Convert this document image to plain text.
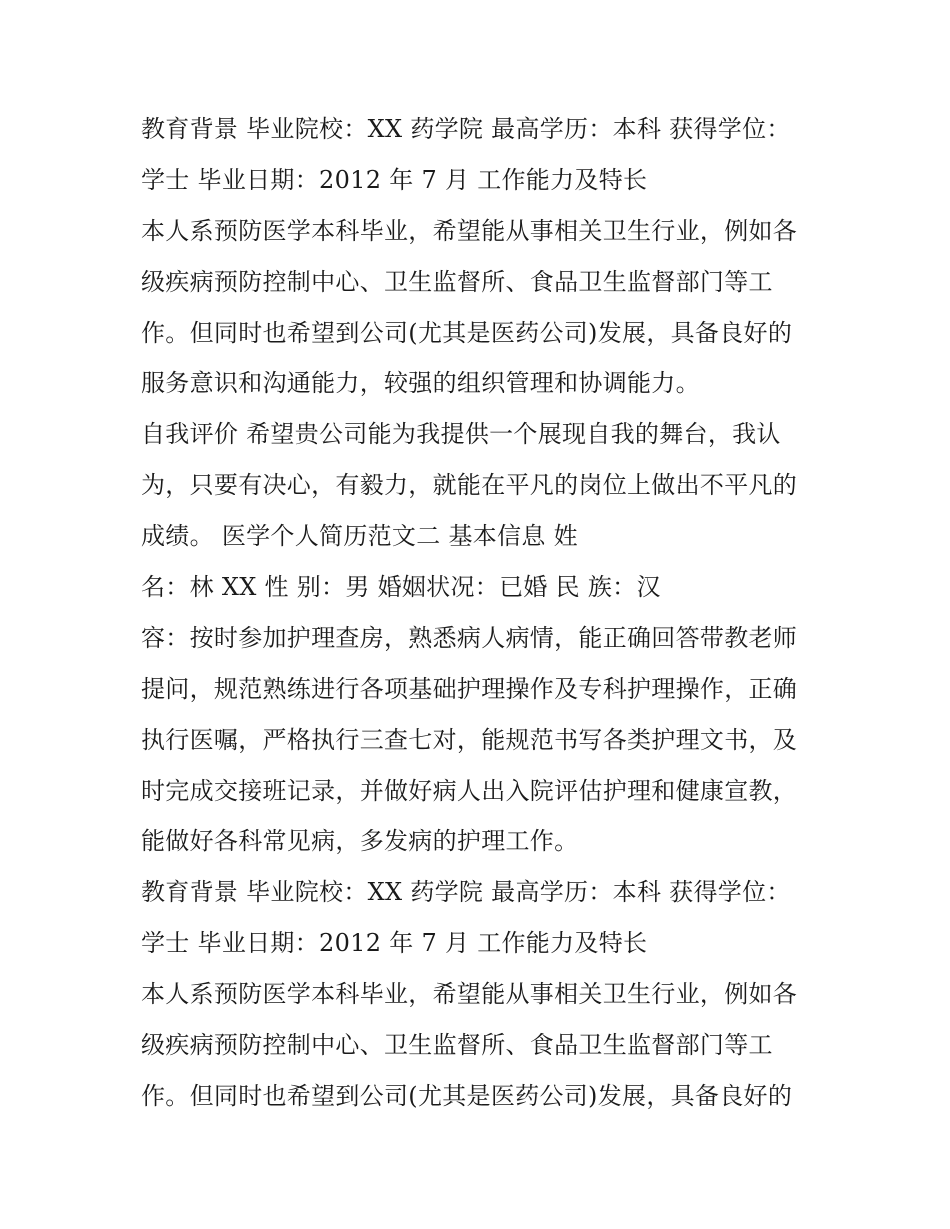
教育背景 毕业院校：XX 药学院 最高学历：本科 获得学位：
学士 毕业日期：2012 年 7 月 工作能力及特长
本人系预防医学本科毕业，希望能从事相关卫生行业，例如各
级疾病预防控制中心、卫生监督所、食品卫生监督部门等工
作。但同时也希望到公司(尤其是医药公司)发展，具备良好的
服务意识和沟通能力，较强的组织管理和协调能力。
自我评价 希望贵公司能为我提供一个展现自我的舞台，我认
为，只要有决心，有毅力，就能在平凡的岗位上做出不平凡的
成绩。 医学个人简历范文二 基本信息 姓
名：林 XX 性 别：男 婚姻状况：已婚 民 族：汉
容：按时参加护理查房，熟悉病人病情，能正确回答带教老师
提问，规范熟练进行各项基础护理操作及专科护理操作，正确
执行医嘱，严格执行三查七对，能规范书写各类护理文书，及
时完成交接班记录，并做好病人出入院评估护理和健康宣教，
能做好各科常见病，多发病的护理工作。
教育背景 毕业院校：XX 药学院 最高学历：本科 获得学位：
学士 毕业日期：2012 年 7 月 工作能力及特长
本人系预防医学本科毕业，希望能从事相关卫生行业，例如各
级疾病预防控制中心、卫生监督所、食品卫生监督部门等工
作。但同时也希望到公司(尤其是医药公司)发展，具备良好的
